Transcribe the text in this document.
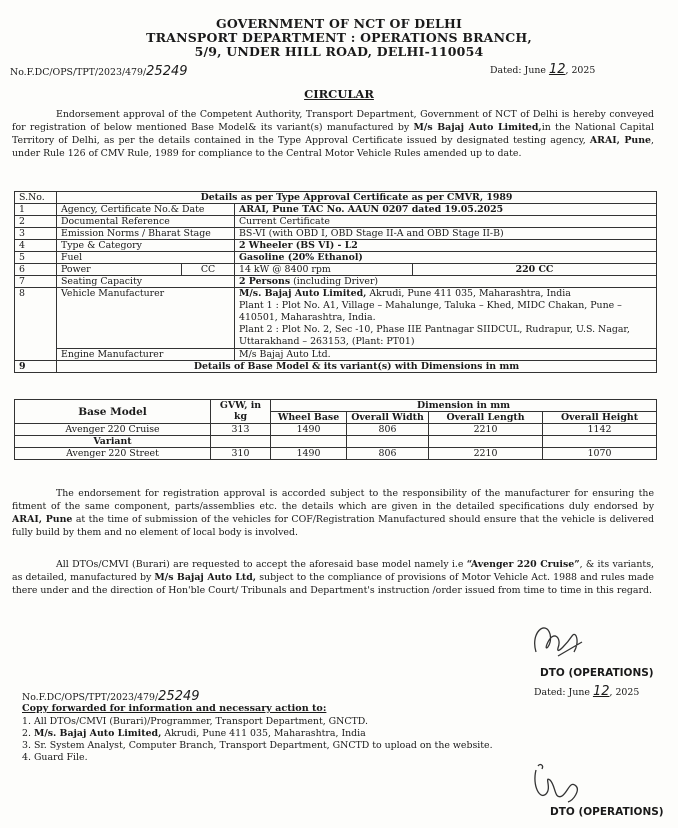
GOVERNMENT OF NCT OF DELHI
TRANSPORT DEPARTMENT : OPERATIONS BRANCH,
5/9, UNDER HILL ROAD, DELHI-110054
No.F.DC/OPS/TPT/2023/479/25249	Dated: June 12, 2025
CIRCULAR
Endorsement approval of the Competent Authority, Transport Department, Government of NCT of Delhi is hereby conveyed for registration of below mentioned Base Model& its variant(s) manufactured by M/s Bajaj Auto Limited,in the National Capital Territory of Delhi, as per the details contained in the Type Approval Certificate issued by designated testing agency, ARAI, Pune, under Rule 126 of CMV Rule, 1989 for compliance to the Central Motor Vehicle Rules amended up to date.
S.No.	Details as per Type Approval Certificate as per CMVR, 1989			
1	Agency, Certificate No.& Date		ARAI, Pune TAC No. AAUN 0207 dated 19.05.2025	
2	Documental Reference		Current Certificate	
3	Emission Norms / Bharat Stage		BS-VI (with OBD I, OBD Stage II-A and OBD Stage II-B)	
4	Type & Category		2 Wheeler (BS VI) - L2	
5	Fuel		Gasoline (20% Ethanol)	
6	Power	CC	14 kW @ 8400 rpm	220 CC
7	Seating Capacity		2 Persons (including Driver)	
8	Vehicle Manufacturer		M/s. Bajaj Auto Limited, Akrudi, Pune 411 035, Maharashtra, India
Plant 1 : Plot No. A1, Village – Mahalunge, Taluka – Khed, MIDC Chakan, Pune – 410501, Maharashtra, India.
Plant 2 : Plot No. 2, Sec -10, Phase IIE Pantnagar SIIDCUL, Rudrapur, U.S. Nagar, Uttarakhand – 263153, (Plant: PT01)	
	Engine Manufacturer		M/s Bajaj Auto Ltd.	
9	Details of Base Model & its variant(s) with Dimensions in mm			
Base Model	GVW, in kg	Dimension in mm			
		Wheel Base	Overall Width	Overall Length	Overall Height
Avenger 220 Cruise	313	1490	806	2210	1142
Variant					
Avenger 220 Street	310	1490	806	2210	1070
The endorsement for registration approval is accorded subject to the responsibility of the manufacturer for ensuring the fitment of the same component, parts/assemblies etc. the details which are given in the detailed specifications duly endorsed by ARAI, Pune at the time of submission of the vehicles for COF/Registration Manufactured should ensure that the vehicle is delivered fully build by them and no element of local body is involved.
All DTOs/CMVI (Burari) are requested to accept the aforesaid base model namely i.e “Avenger 220 Cruise”, & its variants, as detailed, manufactured by M/s Bajaj Auto Ltd, subject to the compliance of provisions of Motor Vehicle Act. 1988 and rules made there under and the direction of Hon'ble Court/ Tribunals and Department's instruction /order issued from time to time in this regard.
DTO (OPERATIONS)
Dated: June 12, 2025
No.F.DC/OPS/TPT/2023/479/25249
Copy forwarded for information and necessary action to:
1. All DTOs/CMVI (Burari)/Programmer, Transport Department, GNCTD.
2. M/s. Bajaj Auto Limited, Akrudi, Pune 411 035, Maharashtra, India
3. Sr. System Analyst, Computer Branch, Transport Department, GNCTD to upload on the website.
4. Guard File.
DTO (OPERATIONS)
